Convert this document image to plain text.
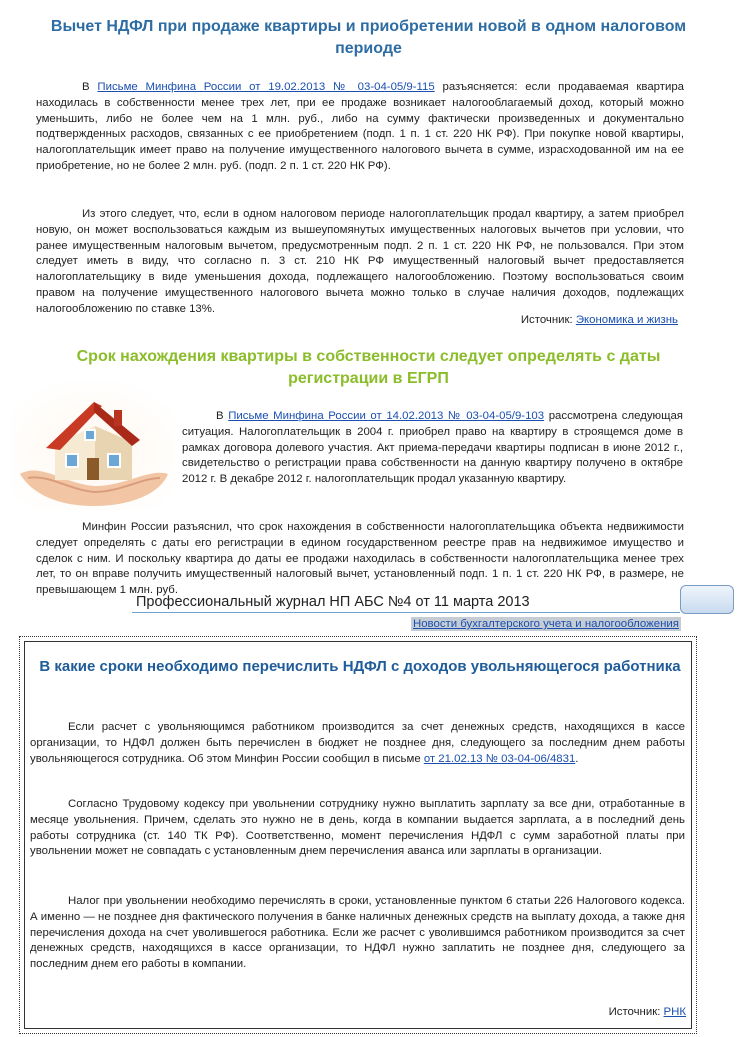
Вычет НДФЛ при продаже квартиры и приобретении новой в одном налоговом периоде
В Письме Минфина России от 19.02.2013 № 03-04-05/9-115 разъясняется: если продаваемая квартира находилась в собственности менее трех лет, при ее продаже возникает налогооблагаемый доход, который можно уменьшить, либо не более чем на 1 млн. руб., либо на сумму фактически произведенных и документально подтвержденных расходов, связанных с ее приобретением (подп. 1 п. 1 ст. 220 НК РФ). При покупке новой квартиры, налогоплательщик имеет право на получение имущественного налогового вычета в сумме, израсходованной им на ее приобретение, но не более 2 млн. руб. (подп. 2 п. 1 ст. 220 НК РФ).
Из этого следует, что, если в одном налоговом периоде налогоплательщик продал квартиру, а затем приобрел новую, он может воспользоваться каждым из вышеупомянутых имущественных налоговых вычетов при условии, что ранее имущественным налоговым вычетом, предусмотренным подп. 2 п. 1 ст. 220 НК РФ, не пользовался. При этом следует иметь в виду, что согласно п. 3 ст. 210 НК РФ имущественный налоговый вычет предоставляется налогоплательщику в виде уменьшения дохода, подлежащего налогообложению. Поэтому воспользоваться своим правом на получение имущественного налогового вычета можно только в случае наличия доходов, подлежащих налогообложению по ставке 13%.
Источник: Экономика и жизнь
Срок нахождения квартиры в собственности следует определять с даты регистрации в ЕГРП
В Письме Минфина России от 14.02.2013 № 03-04-05/9-103 рассмотрена следующая ситуация. Налогоплательщик в 2004 г. приобрел право на квартиру в строящемся доме в рамках договора долевого участия. Акт приема-передачи квартиры подписан в июне 2012 г., свидетельство о регистрации права собственности на данную квартиру получено в октябре 2012 г. В декабре 2012 г. налогоплательщик продал указанную квартиру.
Минфин России разъяснил, что срок нахождения в собственности налогоплательщика объекта недвижимости следует определять с даты его регистрации в едином государственном реестре прав на недвижимое имущество и сделок с ним. И поскольку квартира до даты ее продажи находилась в собственности налогоплательщика менее трех лет, то он вправе получить имущественный налоговый вычет, установленный подп. 1 п. 1 ст. 220 НК РФ, в размере, не превышающем 1 млн. руб.
Профессиональный журнал НП АБС №4 от 11 марта 2013
Новости бухгалтерского учета и налогообложения
В какие сроки необходимо перечислить НДФЛ с доходов увольняющегося работника
Если расчет с увольняющимся работником производится за счет денежных средств, находящихся в кассе организации, то НДФЛ должен быть перечислен в бюджет не позднее дня, следующего за последним днем работы увольняющегося сотрудника. Об этом Минфин России сообщил в письме от 21.02.13 № 03-04-06/4831.
Согласно Трудовому кодексу при увольнении сотруднику нужно выплатить зарплату за все дни, отработанные в месяце увольнения. Причем, сделать это нужно не в день, когда в компании выдается зарплата, а в последний день работы сотрудника (ст. 140 ТК РФ). Соответственно, момент перечисления НДФЛ с сумм заработной платы при увольнении может не совпадать с установленным днем перечисления аванса или зарплаты в организации.
Налог при увольнении необходимо перечислять в сроки, установленные пунктом 6 статьи 226 Налогового кодекса. А именно — не позднее дня фактического получения в банке наличных денежных средств на выплату дохода, а также дня перечисления дохода на счет уволившегося работника. Если же расчет с уволившимся работником производится за счет денежных средств, находящихся в кассе организации, то НДФЛ нужно заплатить не позднее дня, следующего за последним днем его работы в компании.
Источник: РНК
